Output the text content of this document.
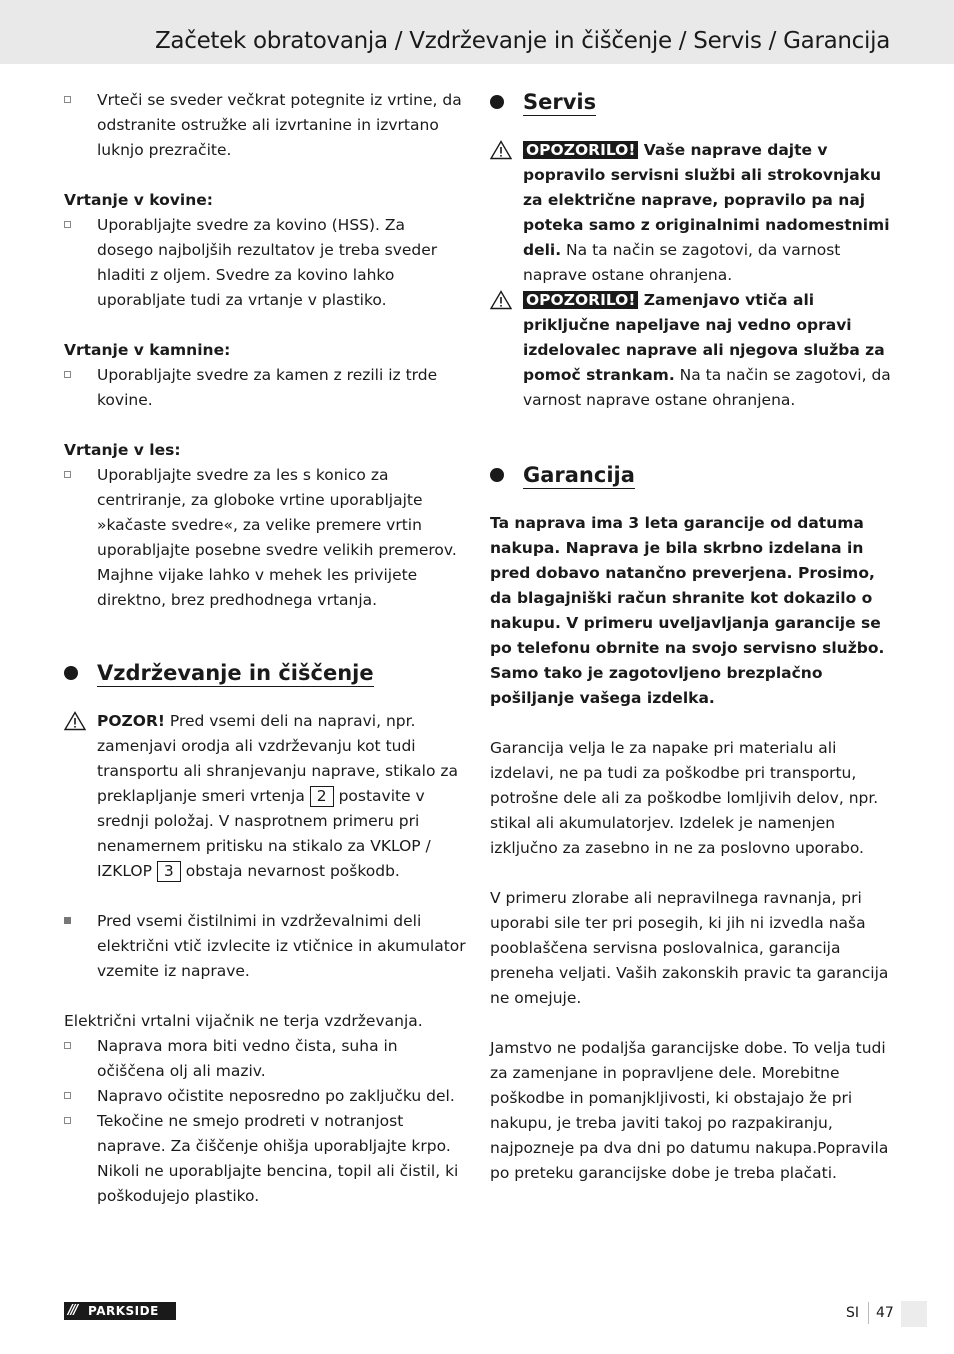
Začetek obratovanja / Vzdrževanje in čiščenje / Servis / Garancija
Vrteči se sveder večkrat potegnite iz vrtine, da odstranite ostružke ali izvrtanine in izvrtano luknjo prezračite.
Vrtanje v kovine:
Uporabljajte svedre za kovino (HSS). Za dosego najboljših rezultatov je treba sveder hladiti z oljem. Svedre za kovino lahko uporabljate tudi za vrtanje v plastiko.
Vrtanje v kamnine:
Uporabljajte svedre za kamen z rezili iz trde kovine.
Vrtanje v les:
Uporabljajte svedre za les s konico za centriranje, za globoke vrtine uporabljajte »kačaste svedre«, za velike premere vrtin uporabljajte posebne svedre velikih premerov. Majhne vijake lahko v mehek les privijete direktno, brez predhodnega vrtanja.
Vzdrževanje in čiščenje
POZOR! Pred vsemi deli na napravi, npr. zamenjavi orodja ali vzdrževanju kot tudi transportu ali shranjevanju naprave, stikalo za preklapljanje smeri vrtenja 2 postavite v srednji položaj. V nasprotnem primeru pri nenamernem pritisku na stikalo za VKLOP / IZKLOP 3 obstaja nevarnost poškodb.
Pred vsemi čistilnimi in vzdrževalnimi deli električni vtič izvlecite iz vtičnice in akumulator vzemite iz naprave.
Električni vrtalni vijačnik ne terja vzdrževanja.
Naprava mora biti vedno čista, suha in očiščena olj ali maziv.
Napravo očistite neposredno po zaključku del.
Tekočine ne smejo prodreti v notranjost naprave. Za čiščenje ohišja uporabljajte krpo. Nikoli ne uporabljajte bencina, topil ali čistil, ki poškodujejo plastiko.
Servis
OPOZORILO! Vaše naprave dajte v popravilo servisni službi ali strokovnjaku za električne naprave, popravilo pa naj poteka samo z originalnimi nadomestnimi deli. Na ta način se zagotovi, da varnost naprave ostane ohranjena.
OPOZORILO! Zamenjavo vtiča ali priključne napeljave naj vedno opravi izdelovalec naprave ali njegova služba za pomoč strankam. Na ta način se zagotovi, da varnost naprave ostane ohranjena.
Garancija
Ta naprava ima 3 leta garancije od datuma nakupa. Naprava je bila skrbno izdelana in pred dobavo natančno preverjena. Prosimo, da blagajniški račun shranite kot dokazilo o nakupu. V primeru uveljavljanja garancije se po telefonu obrnite na svojo servisno službo. Samo tako je zagotovljeno brezplačno pošiljanje vašega izdelka.
Garancija velja le za napake pri materialu ali izdelavi, ne pa tudi za poškodbe pri transportu, potrošne dele ali za poškodbe lomljivih delov, npr. stikal ali akumulatorjev. Izdelek je namenjen izključno za zasebno in ne za poslovno uporabo.
V primeru zlorabe ali nepravilnega ravnanja, pri uporabi sile ter pri posegih, ki jih ni izvedla naša pooblaščena servisna poslovalnica, garancija preneha veljati. Vaših zakonskih pravic ta garancija ne omejuje.
Jamstvo ne podaljša garancijske dobe. To velja tudi za zamenjane in popravljene dele. Morebitne poškodbe in pomanjkljivosti, ki obstajajo že pri nakupu, je treba javiti takoj po razpakiranju, najpozneje pa dva dni po datumu nakupa.Popravila po preteku garancijske dobe je treba plačati.
/// PARKSIDE	SI 47
